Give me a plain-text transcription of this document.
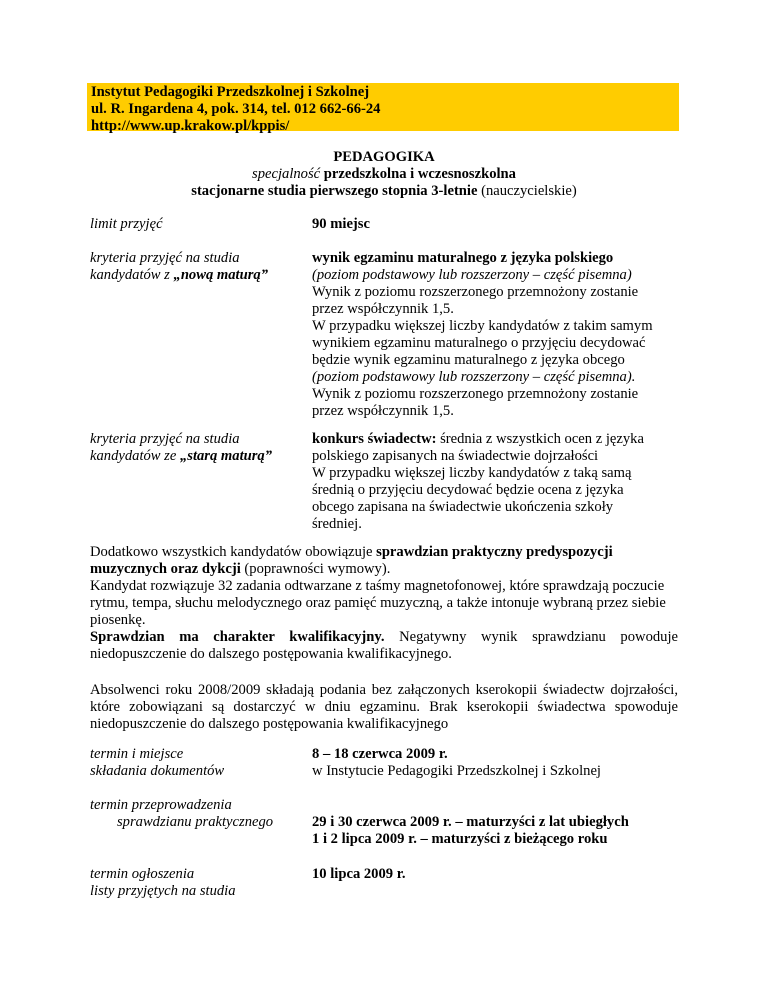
Instytut Pedagogiki Przedszkolnej i Szkolnej
ul. R. Ingardena 4, pok. 314, tel. 012 662-66-24
http://www.up.krakow.pl/kppis/
PEDAGOGIKA
specjalność przedszkolna i wczesnoszkolna
stacjonarne studia pierwszego stopnia 3-letnie (nauczycielskie)
limit przyjęć	90 miejsc
kryteria przyjęć na studia
kandydatów z „nową maturą”
wynik egzaminu maturalnego z języka polskiego
(poziom podstawowy lub rozszerzony – część pisemna)
Wynik z poziomu rozszerzonego przemnożony zostanie
przez współczynnik 1,5.
W przypadku większej liczby kandydatów z takim samym
wynikiem egzaminu maturalnego o przyjęciu decydować
będzie wynik egzaminu maturalnego z języka obcego
(poziom podstawowy lub rozszerzony – część pisemna).
Wynik z poziomu rozszerzonego przemnożony zostanie
przez współczynnik 1,5.
kryteria przyjęć na studia
kandydatów ze „starą maturą”
konkurs świadectw: średnia z wszystkich ocen z języka
polskiego zapisanych na świadectwie dojrzałości
W przypadku większej liczby kandydatów z taką samą
średnią o przyjęciu decydować będzie ocena z języka
obcego zapisana na świadectwie ukończenia szkoły
średniej.

Dodatkowo wszystkich kandydatów obowiązuje sprawdzian praktyczny predyspozycji muzycznych oraz dykcji (poprawności wymowy).

Kandydat rozwiązuje 32 zadania odtwarzane z taśmy magnetofonowej, które sprawdzają poczucie rytmu, tempa, słuchu melodycznego oraz pamięć muzyczną, a także intonuje wybraną przez siebie piosenkę.

Sprawdzian ma charakter kwalifikacyjny. Negatywny wynik sprawdzianu powoduje niedopuszczenie do dalszego postępowania kwalifikacyjnego.

Absolwenci roku 2008/2009 składają podania bez załączonych kserokopii świadectw dojrzałości, które zobowiązani są dostarczyć w dniu egzaminu. Brak kserokopii świadectwa spowoduje niedopuszczenie do dalszego postępowania kwalifikacyjnego
termin i miejsce
składania dokumentów
8 – 18 czerwca 2009 r.
w Instytucie Pedagogiki Przedszkolnej i Szkolnej
termin przeprowadzenia
sprawdzianu praktycznego	29 i 30 czerwca 2009 r. – maturzyści z lat ubiegłych
1 i 2 lipca 2009 r. – maturzyści z bieżącego roku
termin ogłoszenia
listy przyjętych na studia
10 lipca 2009 r.
